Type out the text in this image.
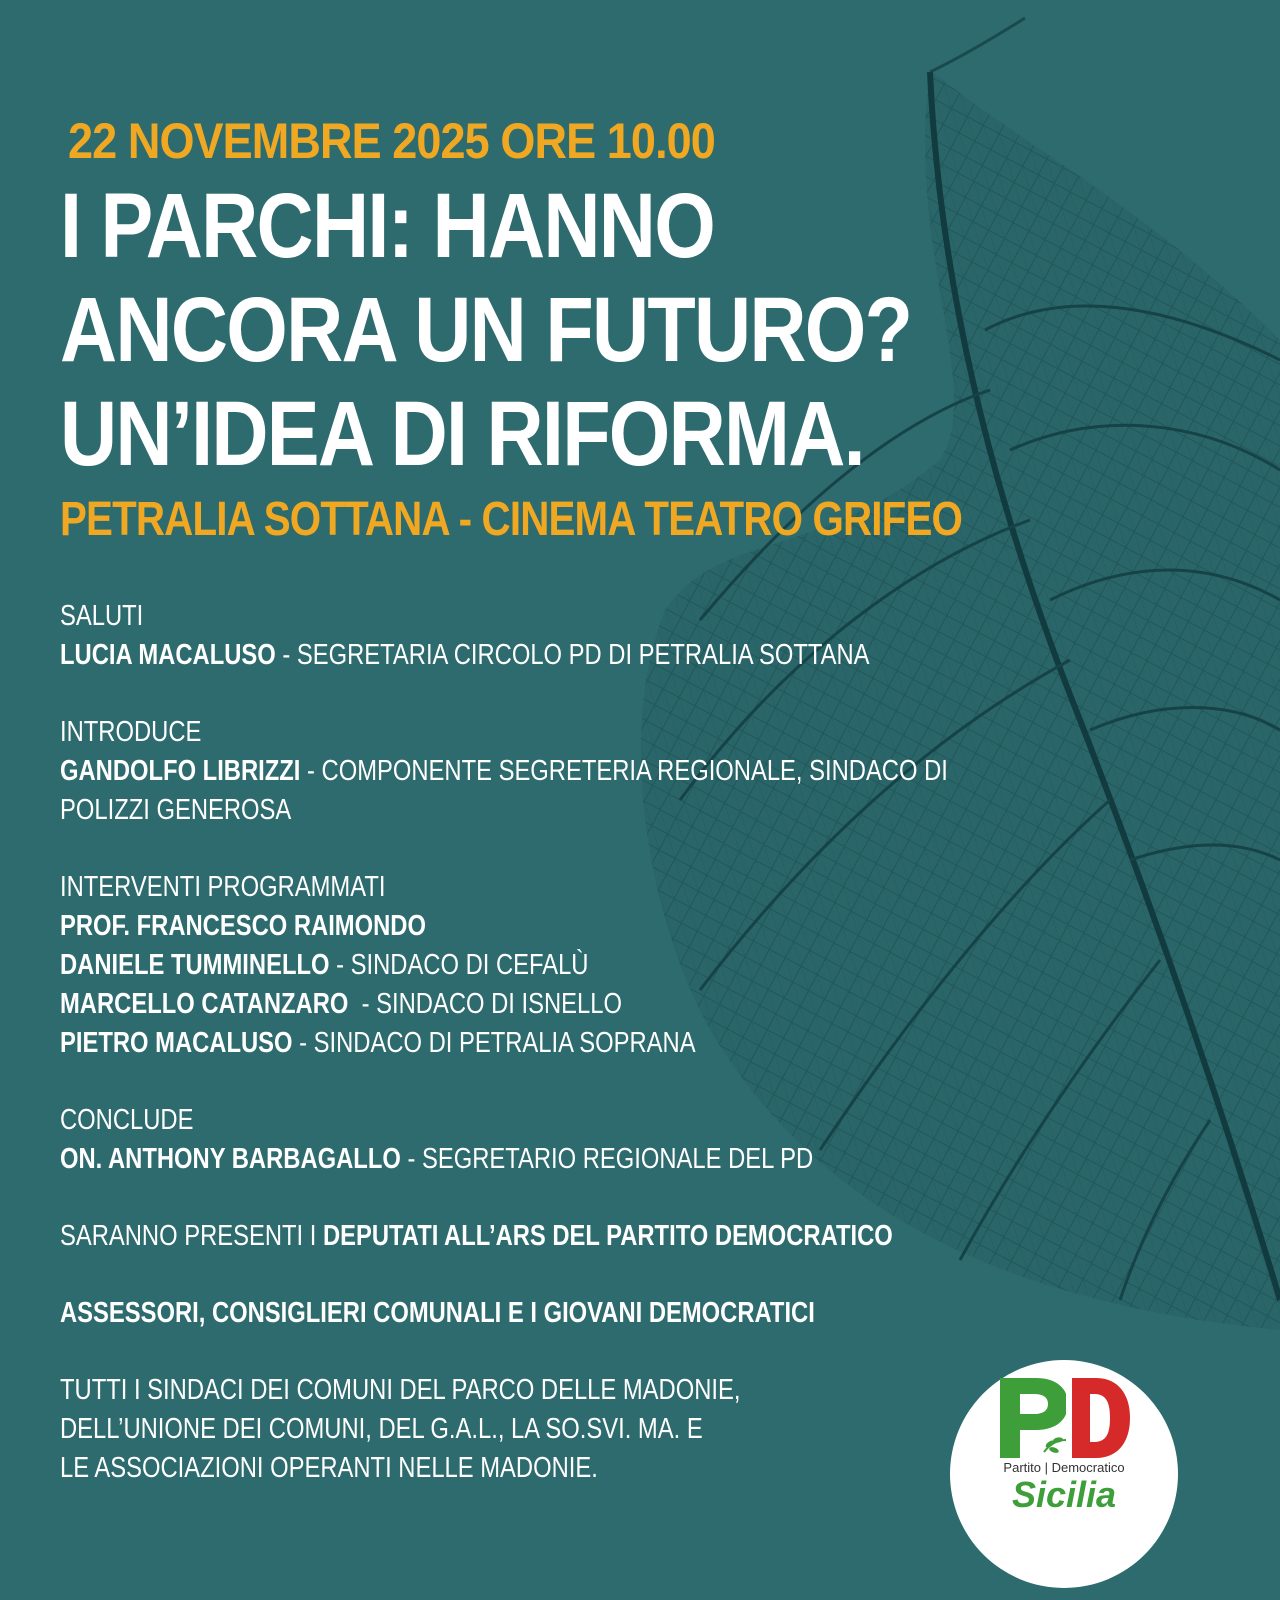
22 NOVEMBRE 2025 ORE 10.00
I PARCHI: HANNO
ANCORA UN FUTURO?
UN’IDEA DI RIFORMA.
PETRALIA SOTTANA - CINEMA TEATRO GRIFEO
SALUTI
LUCIA MACALUSO - SEGRETARIA CIRCOLO PD DI PETRALIA SOTTANA
INTRODUCE
GANDOLFO LIBRIZZI - COMPONENTE SEGRETERIA REGIONALE, SINDACO DI
POLIZZI GENEROSA
INTERVENTI PROGRAMMATI
PROF. FRANCESCO RAIMONDO
DANIELE TUMMINELLO - SINDACO DI CEFALÙ
MARCELLO CATANZARO  - SINDACO DI ISNELLO
PIETRO MACALUSO - SINDACO DI PETRALIA SOPRANA
CONCLUDE
ON. ANTHONY BARBAGALLO - SEGRETARIO REGIONALE DEL PD
SARANNO PRESENTI I DEPUTATI ALL’ARS DEL PARTITO DEMOCRATICO
ASSESSORI, CONSIGLIERI COMUNALI E I GIOVANI DEMOCRATICI
TUTTI I SINDACI DEI COMUNI DEL PARCO DELLE MADONIE,
DELL’UNIONE DEI COMUNI, DEL G.A.L., LA SO.SVI. MA. E
LE ASSOCIAZIONI OPERANTI NELLE MADONIE.	Partito | Democratico
Sicilia
